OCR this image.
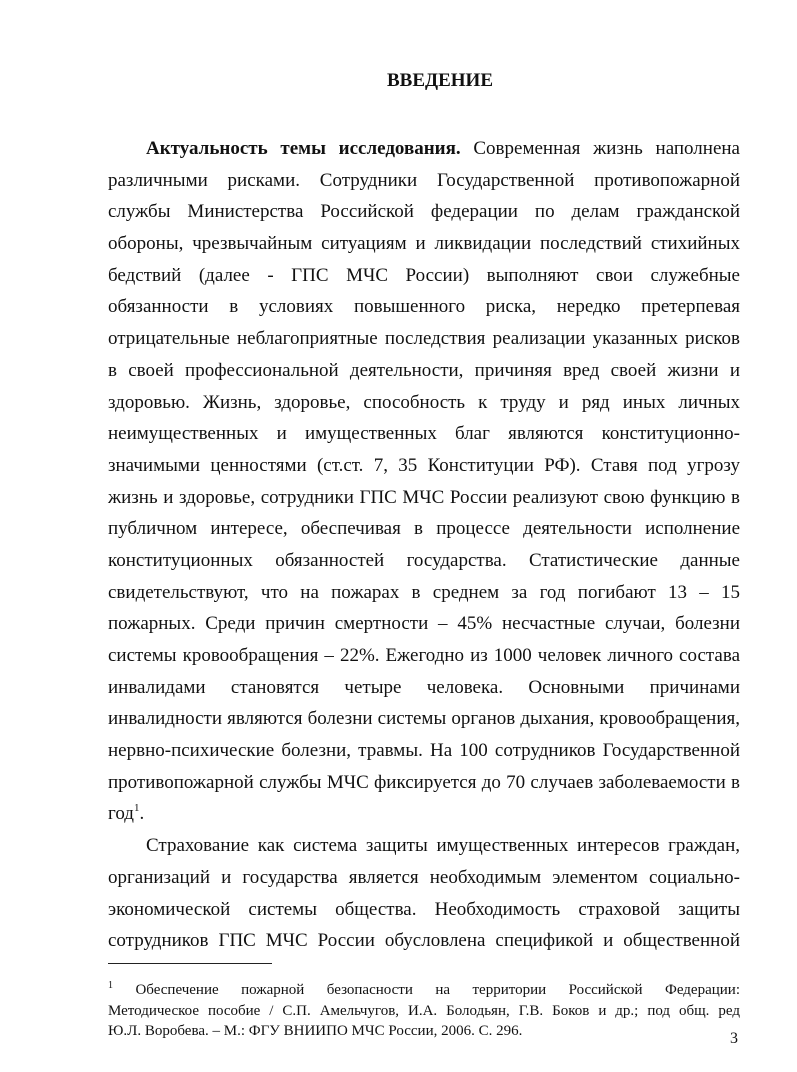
ВВЕДЕНИЕ
Актуальность темы исследования. Современная жизнь наполнена
различными рисками. Сотрудники Государственной противопожарной
службы Министерства Российской федерации по делам гражданской
обороны, чрезвычайным ситуациям и ликвидации последствий стихийных
бедствий (далее - ГПС МЧС России) выполняют свои служебные
обязанности в условиях повышенного риска, нередко претерпевая
отрицательные неблагоприятные последствия реализации указанных рисков
в своей профессиональной деятельности, причиняя вред своей жизни и
здоровью. Жизнь, здоровье, способность к труду и ряд иных личных
неимущественных и имущественных благ являются конституционно-
значимыми ценностями (ст.ст. 7, 35 Конституции РФ). Ставя под угрозу
жизнь и здоровье, сотрудники ГПС МЧС России реализуют свою функцию в
публичном интересе, обеспечивая в процессе деятельности исполнение
конституционных обязанностей государства. Статистические данные
свидетельствуют, что на пожарах в среднем за год погибают 13 – 15
пожарных. Среди причин смертности – 45% несчастные случаи, болезни
системы кровообращения – 22%. Ежегодно из 1000 человек личного состава
инвалидами становятся четыре человека. Основными причинами
инвалидности являются болезни системы органов дыхания, кровообращения,
нервно-психические болезни, травмы. На 100 сотрудников Государственной
противопожарной службы МЧС фиксируется до 70 случаев заболеваемости в
год$^1$.
Страхование как система защиты имущественных интересов граждан,
организаций и государства является необходимым элементом социально-
экономической системы общества. Необходимость страховой защиты
сотрудников ГПС МЧС России обусловлена спецификой и общественной
$^1$ Обеспечение пожарной безопасности на территории Российской Федерации:
Методическое пособие / С.П. Амельчугов, И.А. Болодьян, Г.В. Боков и др.; под общ. ред
Ю.Л. Воробева. – М.: ФГУ ВНИИПО МЧС России, 2006. С. 296.	3
